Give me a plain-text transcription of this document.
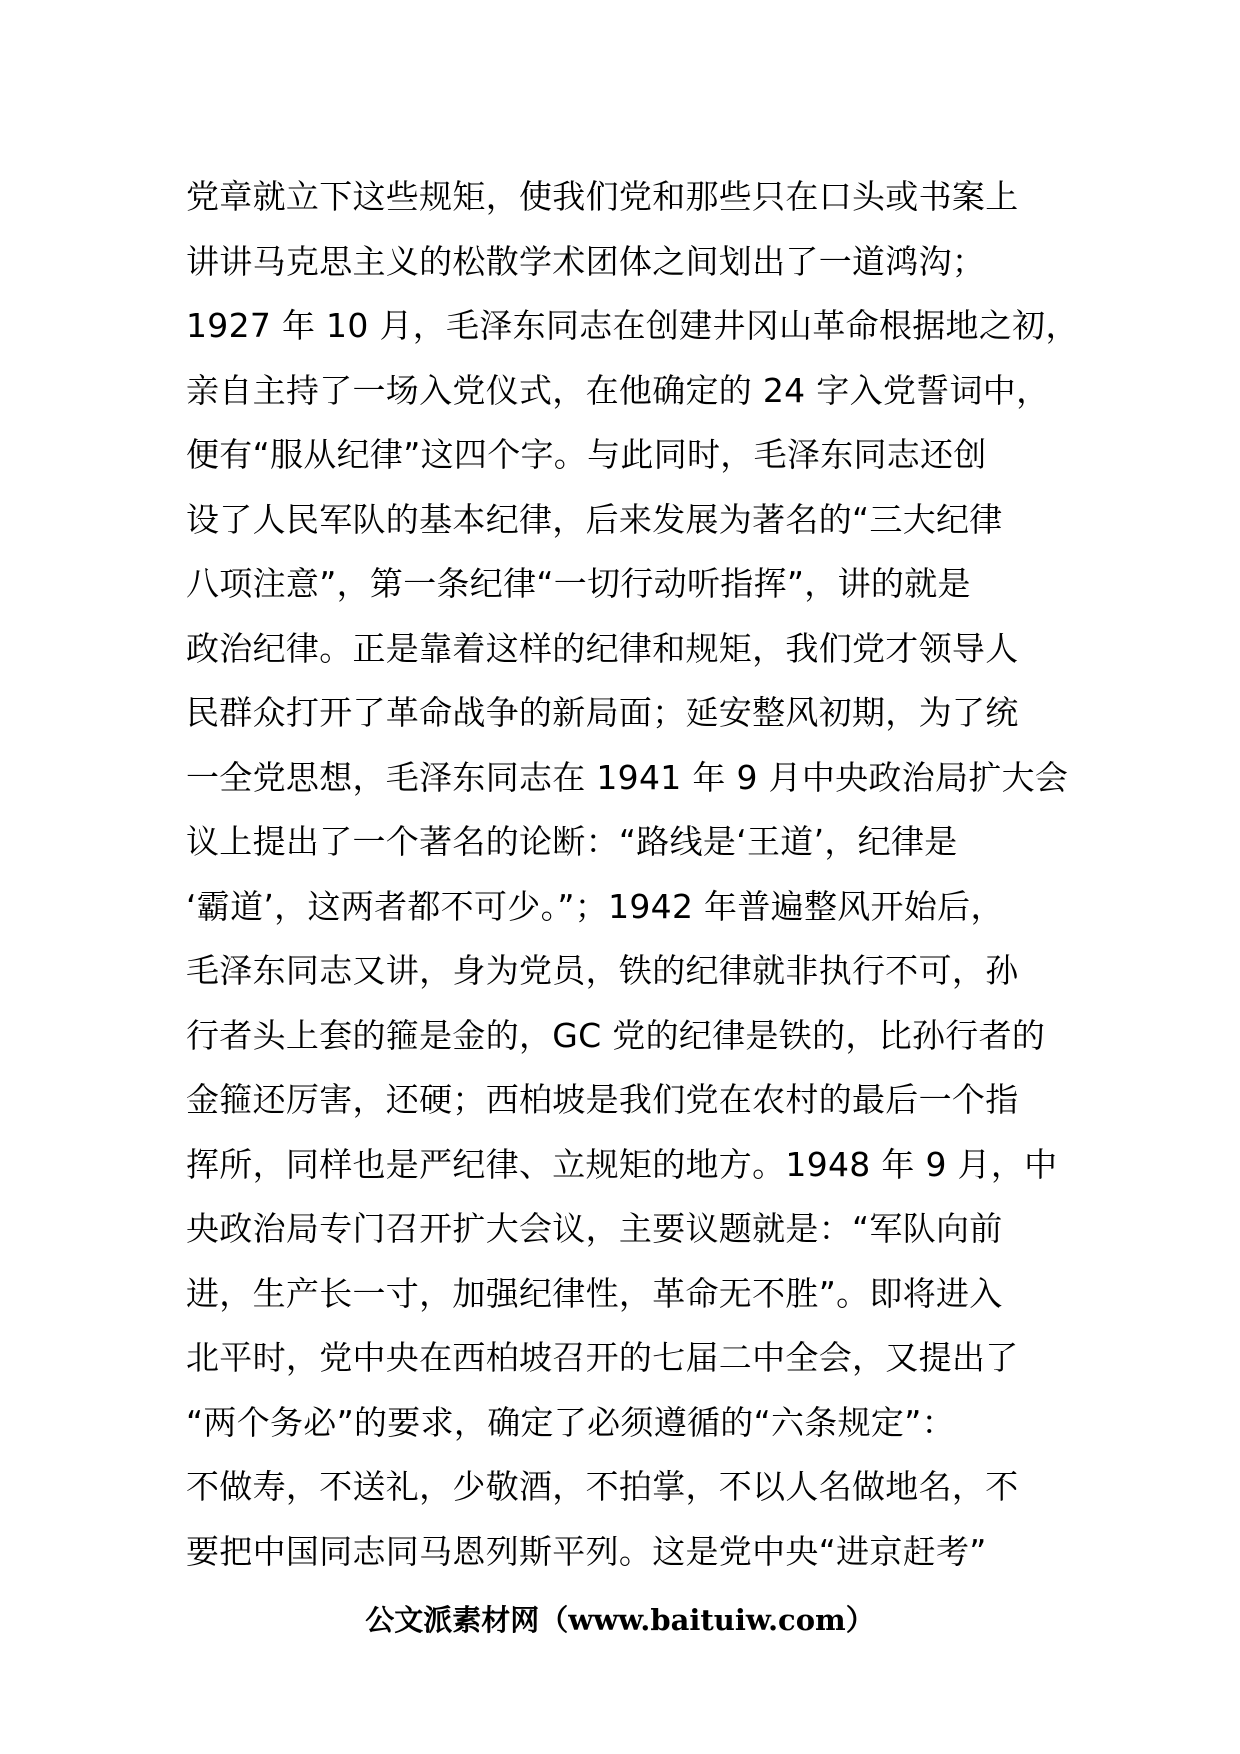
党章就立下这些规矩，使我们党和那些只在口头或书案上
讲讲马克思主义的松散学术团体之间划出了一道鸿沟；
1927 年 10 月，毛泽东同志在创建井冈山革命根据地之初，
亲自主持了一场入党仪式，在他确定的 24 字入党誓词中，
便有“服从纪律”这四个字。与此同时，毛泽东同志还创
设了人民军队的基本纪律，后来发展为著名的“三大纪律
八项注意”，第一条纪律“一切行动听指挥”，讲的就是
政治纪律。正是靠着这样的纪律和规矩，我们党才领导人
民群众打开了革命战争的新局面；延安整风初期，为了统
一全党思想，毛泽东同志在 1941 年 9 月中央政治局扩大会
议上提出了一个著名的论断：“路线是‘王道’，纪律是
‘霸道’，这两者都不可少。”；1942 年普遍整风开始后，
毛泽东同志又讲，身为党员，铁的纪律就非执行不可，孙
行者头上套的箍是金的，GC 党的纪律是铁的，比孙行者的
金箍还厉害，还硬；西柏坡是我们党在农村的最后一个指
挥所，同样也是严纪律、立规矩的地方。1948 年 9 月，中
央政治局专门召开扩大会议，主要议题就是：“军队向前
进，生产长一寸，加强纪律性，革命无不胜”。即将进入
北平时，党中央在西柏坡召开的七届二中全会，又提出了
“两个务必”的要求，确定了必须遵循的“六条规定”：
不做寿，不送礼，少敬酒，不拍掌，不以人名做地名，不
要把中国同志同马恩列斯平列。这是党中央“进京赶考”
公文派素材网（www.baituiw.com）
